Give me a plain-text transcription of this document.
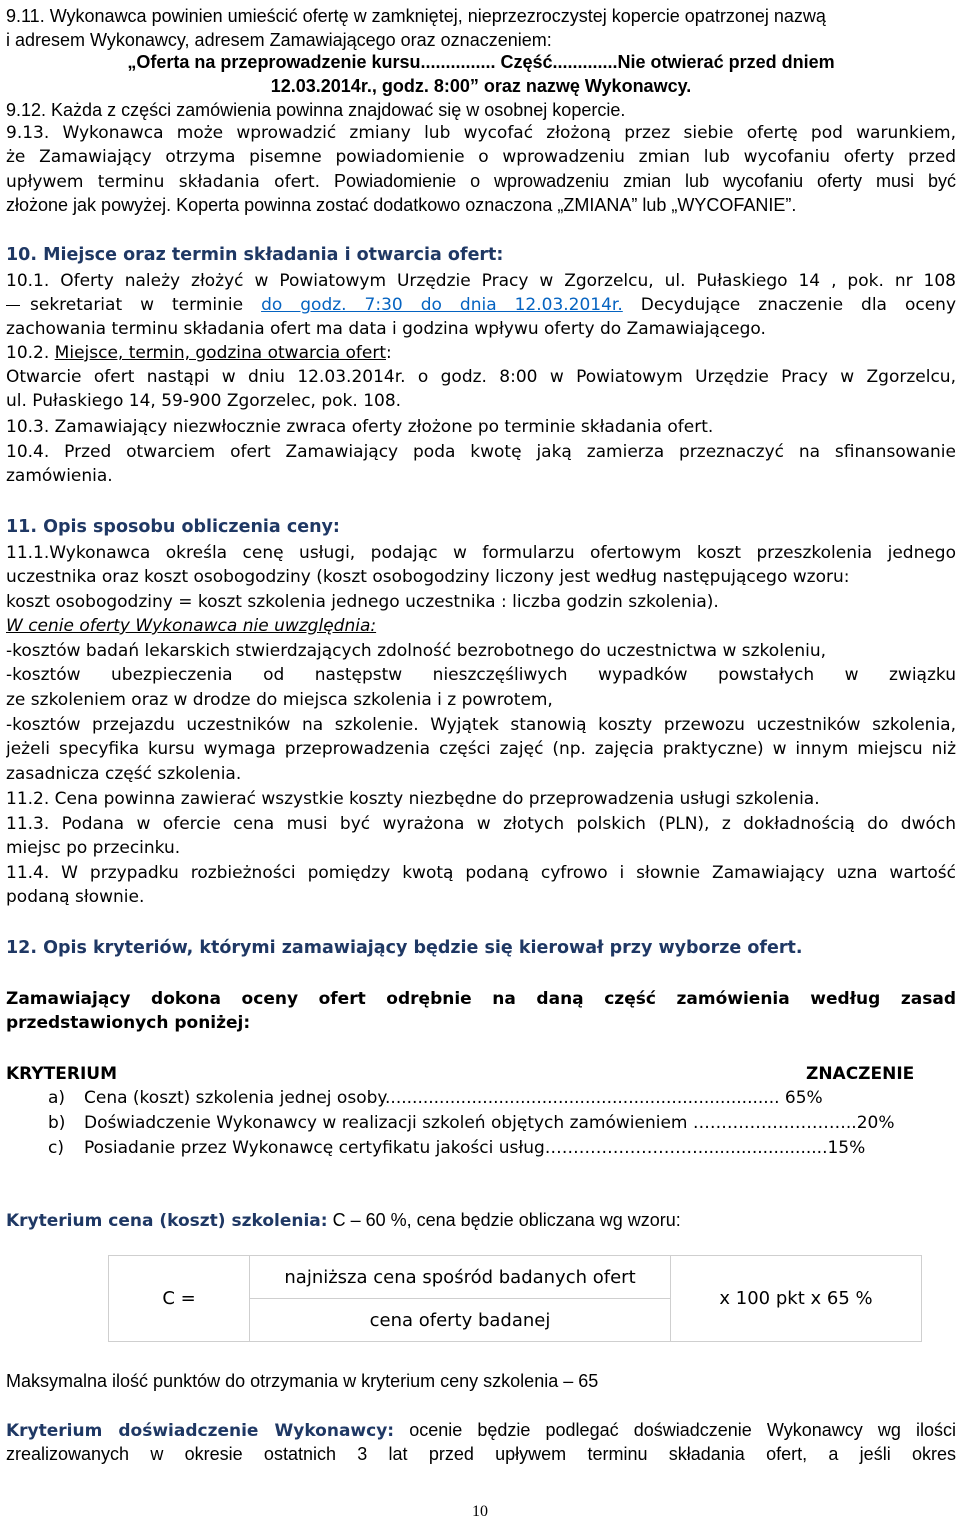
9.11. Wykonawca powinien umieścić ofertę w zamkniętej, nieprzezroczystej kopercie opatrzonej nazwą

i adresem Wykonawcy, adresem Zamawiającego oraz oznaczeniem:

„Oferta na przeprowadzenie kursu............... Część.............Nie otwierać przed dniem

12.03.2014r., godz. 8:00” oraz nazwę Wykonawcy.

9.12. Każda z części zamówienia powinna znajdować się w osobnej kopercie.

9.13. Wykonawca może wprowadzić zmiany lub wycofać złożoną przez siebie ofertę pod warunkiem,

że Zamawiający otrzyma pisemne powiadomienie o wprowadzeniu zmian lub wycofaniu oferty przed

upływem terminu składania ofert. Powiadomienie o wprowadzeniu zmian lub wycofaniu oferty musi być

złożone jak powyżej. Koperta powinna zostać dodatkowo oznaczona „ZMIANA” lub „WYCOFANIE”.

10. Miejsce oraz termin składania i otwarcia ofert:

10.1. Oferty należy złożyć w Powiatowym Urzędzie Pracy w Zgorzelcu, ul. Pułaskiego 14 , pok. nr 108

sekretariat w terminie do godz. 7:30 do dnia 12.03.2014r. Decydujące znaczenie dla oceny

zachowania terminu składania ofert ma data i godzina wpływu oferty do Zamawiającego.

10.2. Miejsce, termin, godzina otwarcia ofert:

Otwarcie ofert nastąpi w dniu 12.03.2014r. o godz. 8:00 w Powiatowym Urzędzie Pracy w Zgorzelcu,

ul. Pułaskiego 14, 59-900 Zgorzelec, pok. 108.

10.3. Zamawiający niezwłocznie zwraca oferty złożone po terminie składania ofert.

10.4. Przed otwarciem ofert Zamawiający poda kwotę jaką zamierza przeznaczyć na sfinansowanie

zamówienia.

11. Opis sposobu obliczenia ceny:

11.1.Wykonawca określa cenę usługi, podając w formularzu ofertowym koszt przeszkolenia jednego

uczestnika oraz koszt osobogodziny (koszt osobogodziny liczony jest według następującego wzoru:

koszt osobogodziny = koszt szkolenia jednego uczestnika : liczba godzin szkolenia).

W cenie oferty Wykonawca nie uwzględnia:

-kosztów badań lekarskich stwierdzających zdolność bezrobotnego do uczestnictwa w szkoleniu,

-kosztów ubezpieczenia od następstw nieszczęśliwych wypadków powstałych w związku

ze szkoleniem oraz w drodze do miejsca szkolenia i z powrotem,

-kosztów przejazdu uczestników na szkolenie. Wyjątek stanowią koszty przewozu uczestników szkolenia,

jeżeli specyfika kursu wymaga przeprowadzenia części zajęć (np. zajęcia praktyczne) w innym miejscu niż

zasadnicza część szkolenia.

11.2. Cena powinna zawierać wszystkie koszty niezbędne do przeprowadzenia usługi szkolenia.

11.3. Podana w ofercie cena musi być wyrażona w złotych polskich (PLN), z dokładnością do dwóch

miejsc po przecinku.

11.4. W przypadku rozbieżności pomiędzy kwotą podaną cyfrowo i słownie Zamawiający uzna wartość

podaną słownie.

12. Opis kryteriów, którymi zamawiający będzie się kierował przy wyborze ofert.

Zamawiający dokona oceny ofert odrębnie na daną część zamówienia według zasad

przedstawionych poniżej:

KRYTERIUM	ZNACZENIE

a)	Cena (koszt) szkolenia jednej osoby......................................................................... 65%
b)	Doświadczenie Wykonawcy w realizacji szkoleń objętych zamówieniem ………………………..20%
c)	Posiadanie przez Wykonawcę certyfikatu jakości usług………………………........................15%

Kryterium cena (koszt) szkolenia: C – 60 %, cena będzie obliczana wg wzoru:

C =	najniższa cena spośród badanych ofert	x 100 pkt x 65 %
cena oferty badanej

Maksymalna ilość punktów do otrzymania w kryterium ceny szkolenia – 65

Kryterium doświadczenie Wykonawcy: ocenie będzie podlegać doświadczenie Wykonawcy wg ilości

zrealizowanych w okresie ostatnich 3 lat przed upływem terminu składania ofert, a jeśli okres

10
